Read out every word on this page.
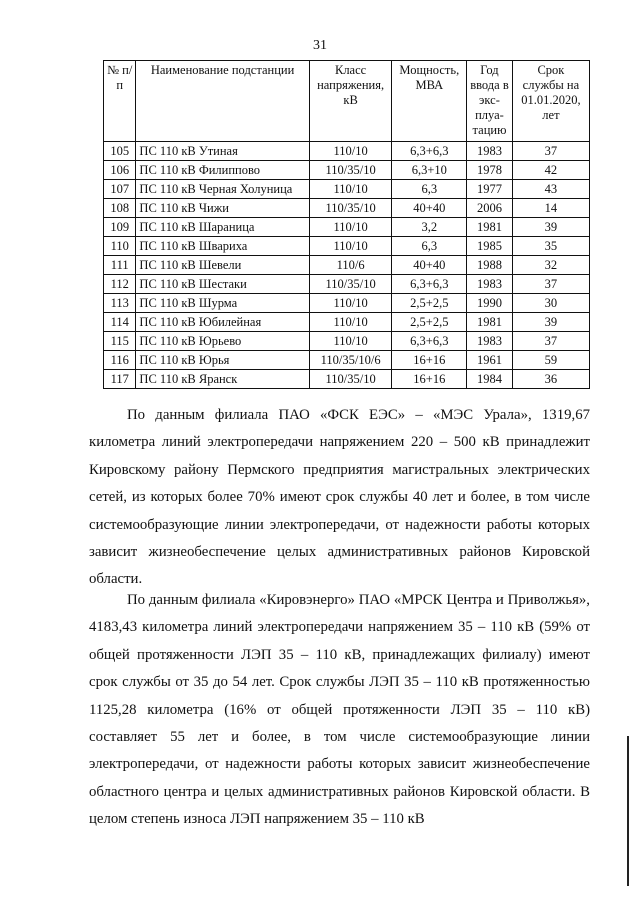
31
№ п/п	Наименование подстанции	Класс напряжения, кВ	Мощность, МВА	Год ввода в экс-плуа-тацию	Срок службы на 01.01.2020, лет
105	ПС 110 кВ Утиная	110/10	6,3+6,3	1983	37
106	ПС 110 кВ Филиппово	110/35/10	6,3+10	1978	42
107	ПС 110 кВ Черная Холуница	110/10	6,3	1977	43
108	ПС 110 кВ Чижи	110/35/10	40+40	2006	14
109	ПС 110 кВ Шараница	110/10	3,2	1981	39
110	ПС 110 кВ Швариха	110/10	6,3	1985	35
111	ПС 110 кВ Шевели	110/6	40+40	1988	32
112	ПС 110 кВ Шестаки	110/35/10	6,3+6,3	1983	37
113	ПС 110 кВ Шурма	110/10	2,5+2,5	1990	30
114	ПС 110 кВ Юбилейная	110/10	2,5+2,5	1981	39
115	ПС 110 кВ Юрьево	110/10	6,3+6,3	1983	37
116	ПС 110 кВ Юрья	110/35/10/6	16+16	1961	59
117	ПС 110 кВ Яранск	110/35/10	16+16	1984	36

По данным филиала ПАО «ФСК ЕЭС» – «МЭС Урала», 1319,67 километра линий электропередачи напряжением 220 – 500 кВ принадлежит Кировскому району Пермского предприятия магистральных электрических сетей, из которых более 70% имеют срок службы 40 лет и более, в том числе системообразующие линии электропередачи, от надежности работы которых зависит жизнеобеспечение целых административных районов Кировской области.

По данным филиала «Кировэнерго» ПАО «МРСК Центра и Приволжья», 4183,43 километра линий электропередачи напряжением 35 – 110 кВ (59% от общей протяженности ЛЭП 35 – 110 кВ, принадлежащих филиалу) имеют срок службы от 35 до 54 лет. Срок службы ЛЭП 35 – 110 кВ протяженностью 1125,28 километра (16% от общей протяженности ЛЭП 35 – 110 кВ) составляет 55 лет и более, в том числе системообразующие линии электропередачи, от надежности работы которых зависит жизнеобеспечение областного центра и целых административных районов Кировской области. В целом степень износа ЛЭП напряжением 35 – 110 кВ
